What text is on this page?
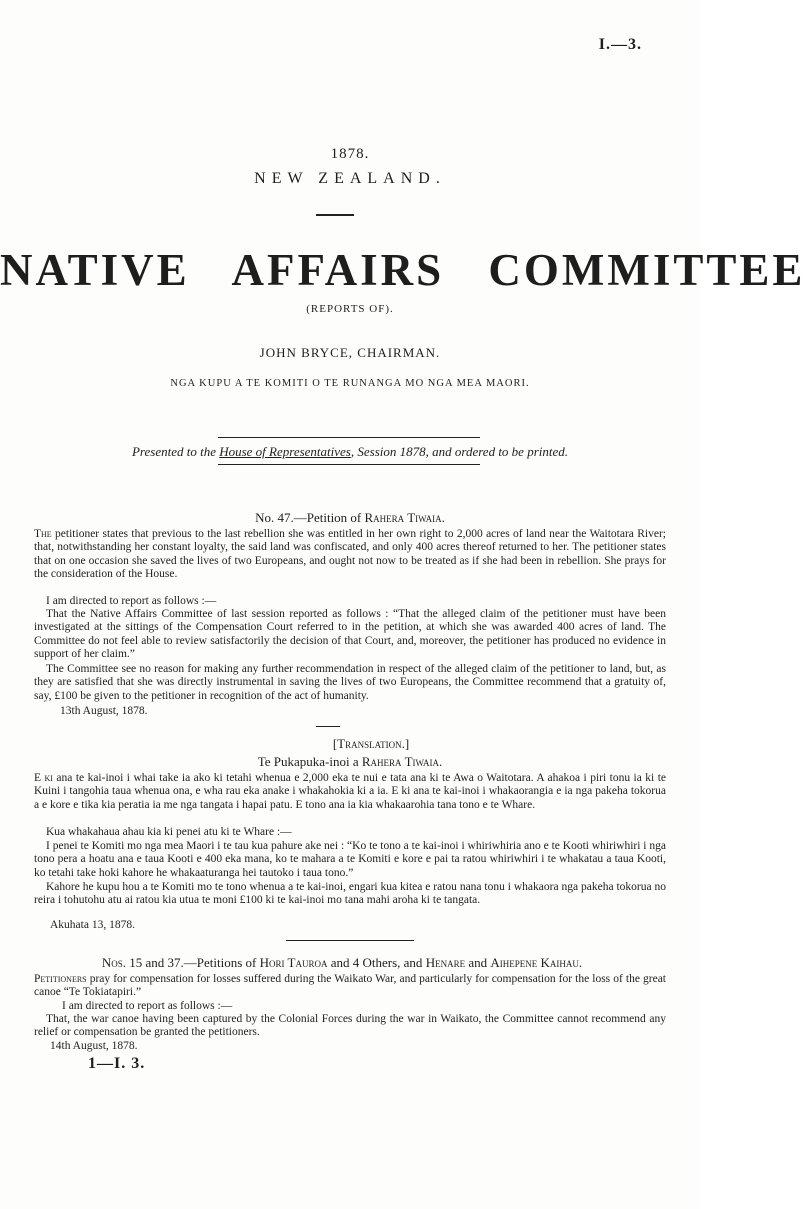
I.—3.
1878.
NEW ZEALAND.
NATIVE AFFAIRS COMMITTEE
(REPORTS OF).
JOHN BRYCE, CHAIRMAN.
NGA KUPU A TE KOMITI O TE RUNANGA MO NGA MEA MAORI.
Presented to the House of Representatives, Session 1878, and ordered to be printed.
No. 47.—Petition of Rahera Tiwaia.

The petitioner states that previous to the last rebellion she was entitled in her own right to 2,000 acres of land near the Waitotara River; that, notwithstanding her constant loyalty, the said land was confiscated, and only 400 acres thereof returned to her. The petitioner states that on one occasion she saved the lives of two Europeans, and ought not now to be treated as if she had been in rebellion. She prays for the consideration of the House.

I am directed to report as follows :—

That the Native Affairs Committee of last session reported as follows : “That the alleged claim of the petitioner must have been investigated at the sittings of the Compensation Court referred to in the petition, at which she was awarded 400 acres of land. The Committee do not feel able to review satisfactorily the decision of that Court, and, moreover, the petitioner has produced no evidence in support of her claim.”

The Committee see no reason for making any further recommendation in respect of the alleged claim of the petitioner to land, but, as they are satisfied that she was directly instrumental in saving the lives of two Europeans, the Committee recommend that a gratuity of, say, £100 be given to the petitioner in recognition of the act of humanity.

13th August, 1878.
[Translation.]
Te Pukapuka-inoi a Rahera Tiwaia.

E ki ana te kai-inoi i whai take ia ako ki tetahi whenua e 2,000 eka te nui e tata ana ki te Awa o Waitotara. A ahakoa i piri tonu ia ki te Kuini i tangohia taua whenua ona, e wha rau eka anake i whakahokia ki a ia. E ki ana te kai-inoi i whakaorangia e ia nga pakeha tokorua a e kore e tika kia peratia ia me nga tangata i hapai patu. E tono ana ia kia whakaarohia tana tono e te Whare.

Kua whakahaua ahau kia ki penei atu ki te Whare :—

I penei te Komiti mo nga mea Maori i te tau kua pahure ake nei : “Ko te tono a te kai-inoi i whiriwhiria ano e te Kooti whiriwhiri i nga tono pera a hoatu ana e taua Kooti e 400 eka mana, ko te mahara a te Komiti e kore e pai ta ratou whiriwhiri i te whakatau a taua Kooti, ko tetahi take hoki kahore he whakaaturanga hei tautoko i taua tono.”

Kahore he kupu hou a te Komiti mo te tono whenua a te kai-inoi, engari kua kitea e ratou nana tonu i whakaora nga pakeha tokorua no reira i tohutohu atu ai ratou kia utua te moni £100 ki te kai-inoi mo tana mahi aroha ki te tangata.

Akuhata 13, 1878.
Nos. 15 and 37.—Petitions of Hori Tauroa and 4 Others, and Henare and Aihepene Kaihau.

Petitioners pray for compensation for losses suffered during the Waikato War, and particularly for compensation for the loss of the great canoe “Te Tokiatapiri.”

I am directed to report as follows :—

That, the war canoe having been captured by the Colonial Forces during the war in Waikato, the Committee cannot recommend any relief or compensation be granted the petitioners.

14th August, 1878.
1—I. 3.
